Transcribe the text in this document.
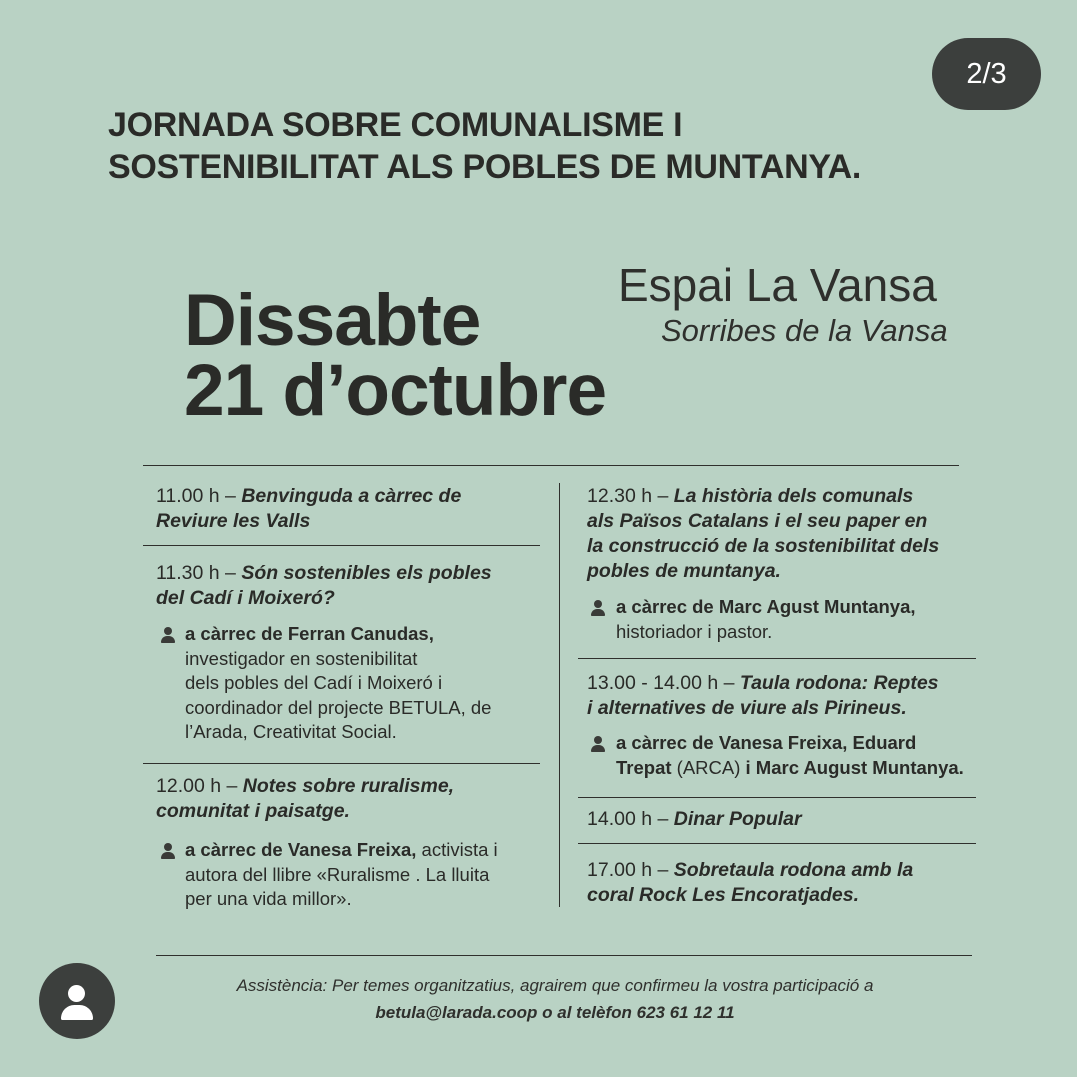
2/3
JORNADA SOBRE COMUNALISME I
SOSTENIBILITAT ALS POBLES DE MUNTANYA.
Espai La Vansa
Sorribes de la Vansa
Dissabte
21 d’octubre
11.00 h – Benvinguda a càrrec de
Reviure les Valls
11.30 h – Són sostenibles els pobles
del Cadí i Moixeró?
a càrrec de Ferran Canudas,
investigador en sostenibilitat
dels pobles del Cadí i Moixeró i
coordinador del projecte BETULA, de
l’Arada, Creativitat Social.
12.00 h – Notes sobre ruralisme,
comunitat i paisatge.
a càrrec de Vanesa Freixa, activista i
autora del llibre «Ruralisme . La lluita
per una vida millor».
12.30 h – La història dels comunals
als Països Catalans i el seu paper en
la construcció de la sostenibilitat dels
pobles de muntanya.
a càrrec de Marc Agust Muntanya,
historiador i pastor.
13.00 - 14.00 h – Taula rodona: Reptes
i alternatives de viure als Pirineus.
a càrrec de Vanesa Freixa, Eduard
Trepat (ARCA) i Marc August Muntanya.
14.00 h – Dinar Popular
17.00 h – Sobretaula rodona amb la
coral Rock Les Encoratjades.
Assistència: Per temes organitzatius, agrairem que confirmeu la vostra participació a
betula@larada.coop o al telèfon 623 61 12 11
